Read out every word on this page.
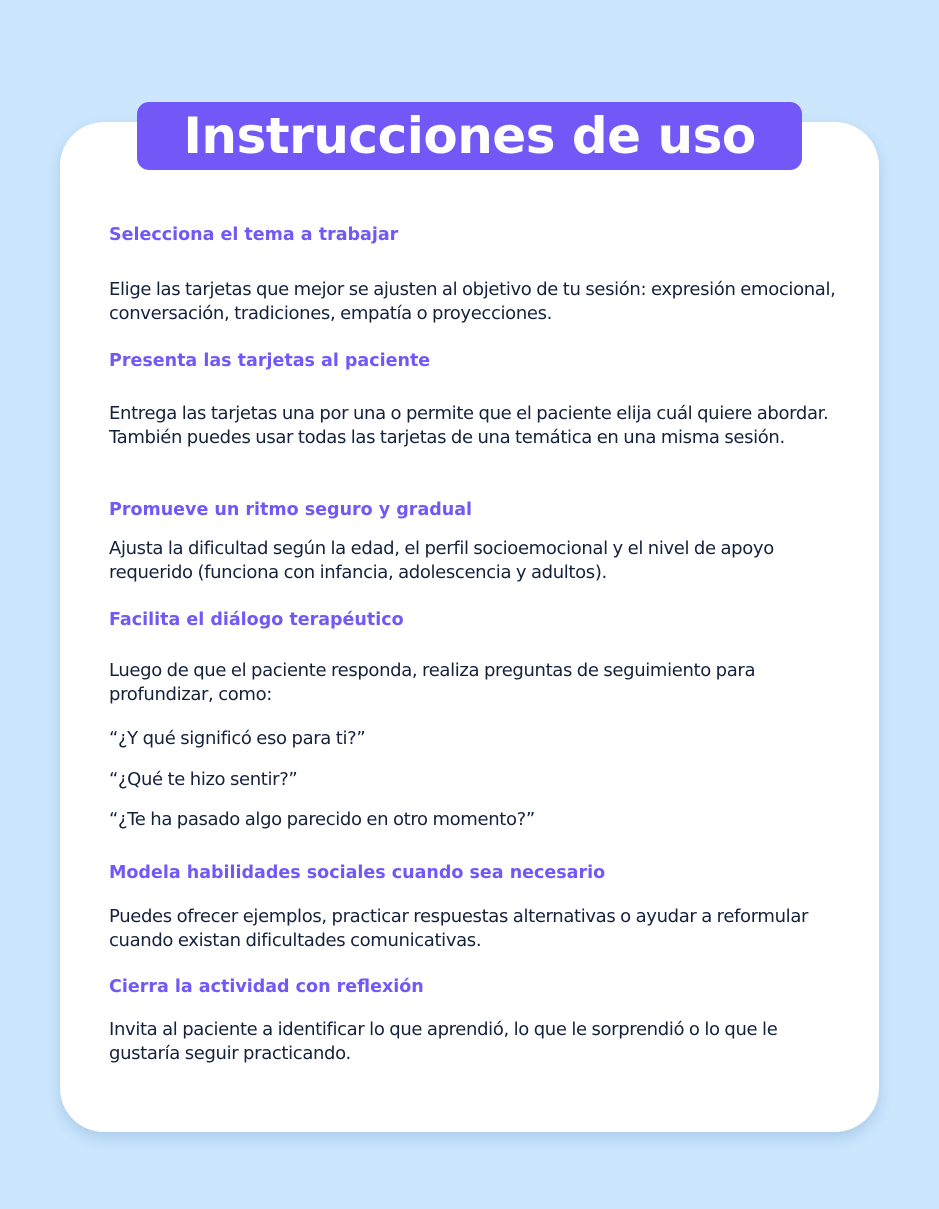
Instrucciones de uso
Selecciona el tema a trabajar

Elige las tarjetas que mejor se ajusten al objetivo de tu sesión: expresión emocional, conversación, tradiciones, empatía o proyecciones.

Presenta las tarjetas al paciente

Entrega las tarjetas una por una o permite que el paciente elija cuál quiere abordar. También puedes usar todas las tarjetas de una temática en una misma sesión.

Promueve un ritmo seguro y gradual

Ajusta la dificultad según la edad, el perfil socioemocional y el nivel de apoyo requerido (funciona con infancia, adolescencia y adultos).

Facilita el diálogo terapéutico

Luego de que el paciente responda, realiza preguntas de seguimiento para profundizar, como:

“¿Y qué significó eso para ti?”

“¿Qué te hizo sentir?”

“¿Te ha pasado algo parecido en otro momento?”

Modela habilidades sociales cuando sea necesario

Puedes ofrecer ejemplos, practicar respuestas alternativas o ayudar a reformular cuando existan dificultades comunicativas.

Cierra la actividad con reflexión

Invita al paciente a identificar lo que aprendió, lo que le sorprendió o lo que le gustaría seguir practicando.
